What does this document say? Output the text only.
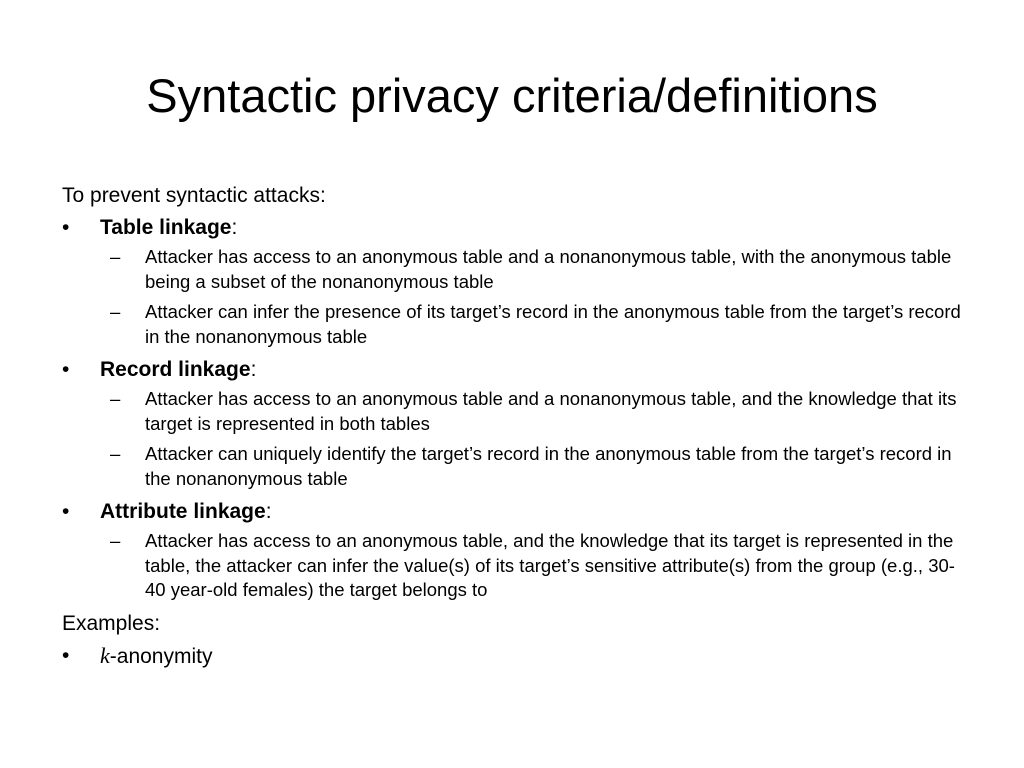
Syntactic privacy criteria/definitions

To prevent syntactic attacks:

•	Table linkage:

– Attacker has access to an anonymous table and a nonanonymous table, with the anonymous table being a subset of the nonanonymous table

– Attacker can infer the presence of its target’s record in the anonymous table from the target’s record in the nonanonymous table

•	Record linkage:

– Attacker has access to an anonymous table and a nonanonymous table, and the knowledge that its target is represented in both tables

– Attacker can uniquely identify the target’s record in the anonymous table from the target’s record in the nonanonymous table

•	Attribute linkage:

– Attacker has access to an anonymous table, and the knowledge that its target is represented in the table, the attacker can infer the value(s) of its target’s sensitive attribute(s) from the group (e.g., 30-40 year-old females) the target belongs to

Examples:

•	k-anonymity
